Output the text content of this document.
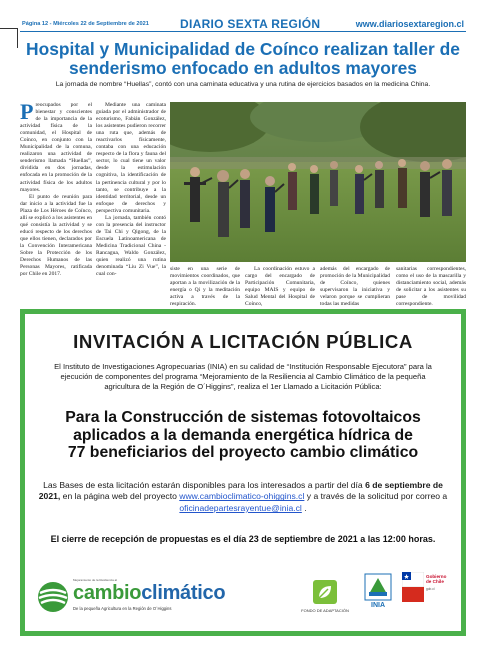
Página 12 - Miércoles 22 de Septiembre de 2021	DIARIO SEXTA REGIÓN	www.diariosextaregion.cl
Hospital y Municipalidad de Coínco realizan taller de senderismo enfocado en adultos mayores
La jornada de nombre “Huellas”, contó con una caminata educativa y una rutina de ejercicios basados en la medicina China.

Preocupados por el bienestar y conscientes de la importancia de la actividad física de la comunidad, el Hospital de Coínco, en conjunto con la Municipalidad de la comuna, realizaron una actividad de senderismo llamada “Huellas”, dividida en dos jornadas, enfocada en la promoción de la actividad física de los adultos mayores.

El punto de reunión para dar inicio a la actividad fue la Plaza de Los Héroes de Coínco, allí se explicó a los asistentes en qué consistía la actividad y se educó respecto de los derechos que ellos tienen, declarados por la Convención Interamericana Sobre la Protección de los Derechos Humanos de las Personas Mayores, ratificada por Chile en 2017.

Mediante una caminata guiada por el administrador de ecoturismo, Fabián González, los asistentes pudieron recorrer una ruta que, además de reactivarlos físicamente, contaba con una educación respecto de la flora y fauna del sector, lo cual tiene un valor desde la estimulación cognitiva, la identificación de la pertinencia cultural y por lo tanto, se contribuye a la identidad territorial, desde un enfoque de derechos y perspectiva comunitaria.

La jornada, también contó con la presencia del instructor de Tai Chi y Qigong, de la Escuela Latinoamericana de Medicina Tradicional China - Rancagua, Waldo González, quien realizó una rutina denominada “Liu Zi Vue”, la cual con-

siste en una serie de movimientos coordinados, que aportan a la movilización de la energía o Qi y la meditación activa a través de la respiración.

La coordinación estuvo a cargo del encargado de Participación Comunitaria, equipo MAIS y equipo de Salud Mental del Hospital de Coínco,

además del encargado de promoción de la Municipalidad de Coínco, quienes supervisaron la iniciativa y velaron porque se cumplieran todas las medidas

sanitarias correspondientes, como el uso de la mascarilla y distanciamiento social, además de solicitar a los asistentes su pase de movilidad correspondiente.

INVITACIÓN A LICITACIÓN PÚBLICA
El Instituto de Investigaciones Agropecuarias (INIA) en su calidad de “Institución Responsable Ejecutora” para la ejecución de componentes del programa “Mejoramiento de la Resiliencia al Cambio Climático de la pequeña agricultura de la Región de O´Higgins”, realiza el 1er Llamado a Licitación Pública:
Para la Construcción de sistemas fotovoltaicos
aplicados a la demanda energética hídrica de
77 beneficiarios del proyecto cambio climático
Las Bases de esta licitación estarán disponibles para los interesados a partir del día 6 de septiembre de 2021, en la página web del proyecto www.cambioclimatico-ohiggins.cl y a través de la solicitud por correo a oficinadepartesrayentue@inia.cl .
El cierre de recepción de propuestas es el día 23 de septiembre de 2021 a las 12:00 horas.
Mejoramiento de la Resiliencia al
cambioclimático
De la pequeña Agricultura en la Región de O´Higgins	FONDO DE ADAPTACIÓN
INIA
Gobierno
de Chile
gob.cl
